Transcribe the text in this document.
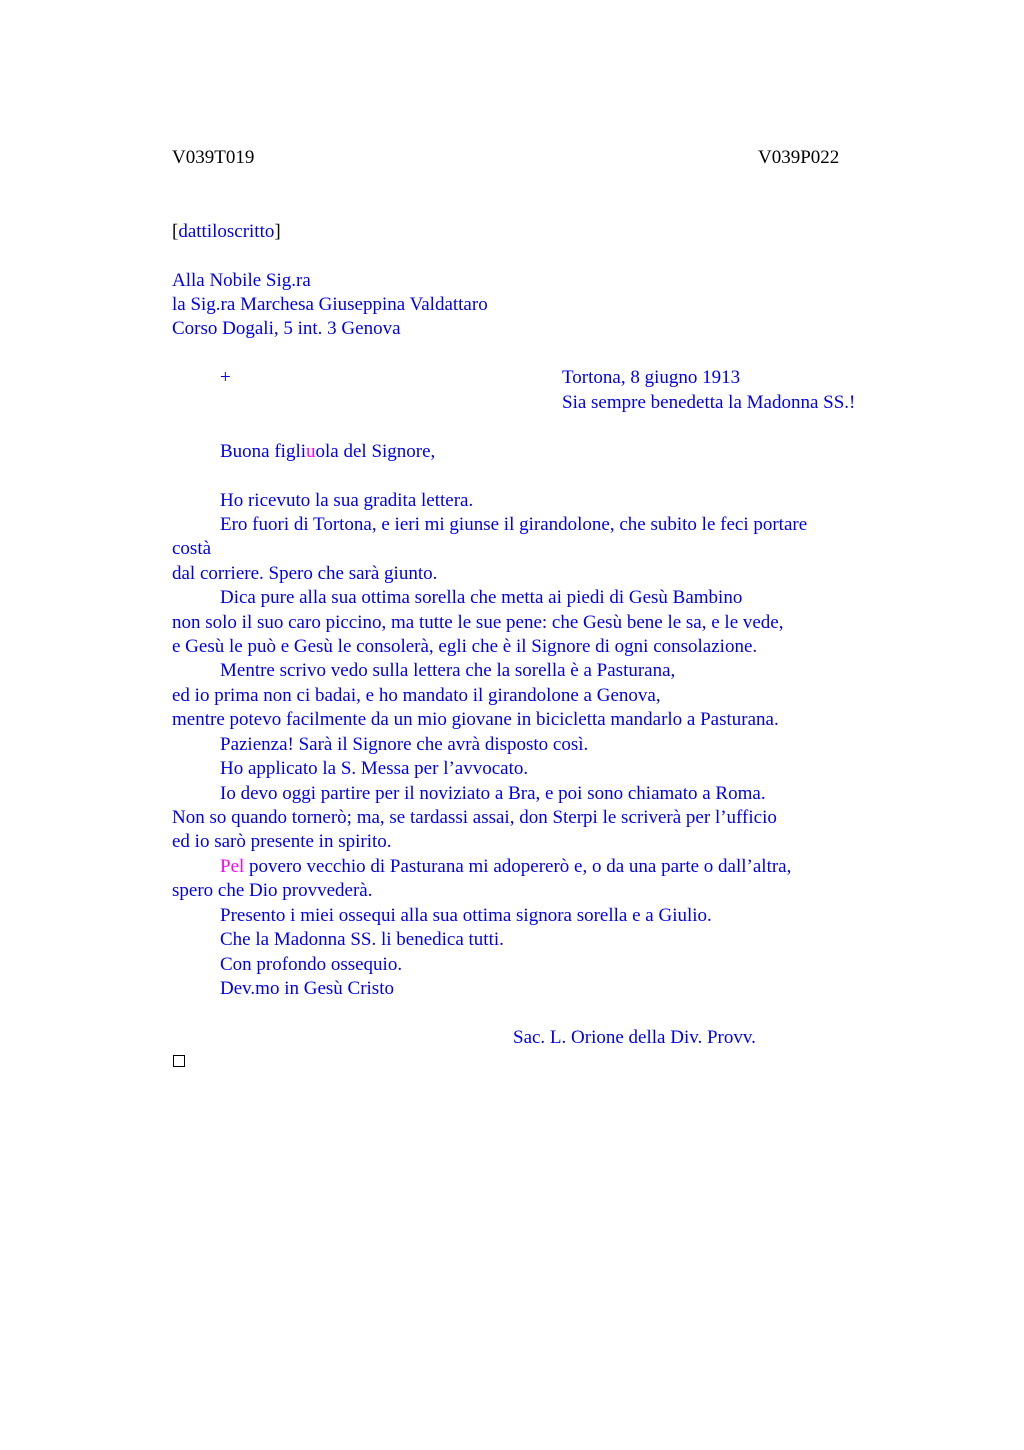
V039T019	V039P022

[dattiloscritto]

Alla Nobile Sig.ra

la Sig.ra Marchesa Giuseppina Valdattaro

Corso Dogali, 5 int. 3 Genova

+	Tortona, 8 giugno 1913

Sia sempre benedetta la Madonna SS.!

Buona figliuola del Signore,

Ho ricevuto la sua gradita lettera.

Ero fuori di Tortona, e ieri mi giunse il girandolone, che subito le feci portare

costà

dal corriere. Spero che sarà giunto.

Dica pure alla sua ottima sorella che metta ai piedi di Gesù Bambino

non solo il suo caro piccino, ma tutte le sue pene: che Gesù bene le sa, e le vede,

e Gesù le può e Gesù le consolerà, egli che è il Signore di ogni consolazione.

Mentre scrivo vedo sulla lettera che la sorella è a Pasturana,

ed io prima non ci badai, e ho mandato il girandolone a Genova,

mentre potevo facilmente da un mio giovane in bicicletta mandarlo a Pasturana.

Pazienza! Sarà il Signore che avrà disposto così.

Ho applicato la S. Messa per l’avvocato.

Io devo oggi partire per il noviziato a Bra, e poi sono chiamato a Roma.

Non so quando tornerò; ma, se tardassi assai, don Sterpi le scriverà per l’ufficio

ed io sarò presente in spirito.

Pel povero vecchio di Pasturana mi adopererò e, o da una parte o dall’altra,

spero che Dio provvederà.

Presento i miei ossequi alla sua ottima signora sorella e a Giulio.

Che la Madonna SS. li benedica tutti.

Con profondo ossequio.

Dev.mo in Gesù Cristo

Sac. L. Orione della Div. Provv.
